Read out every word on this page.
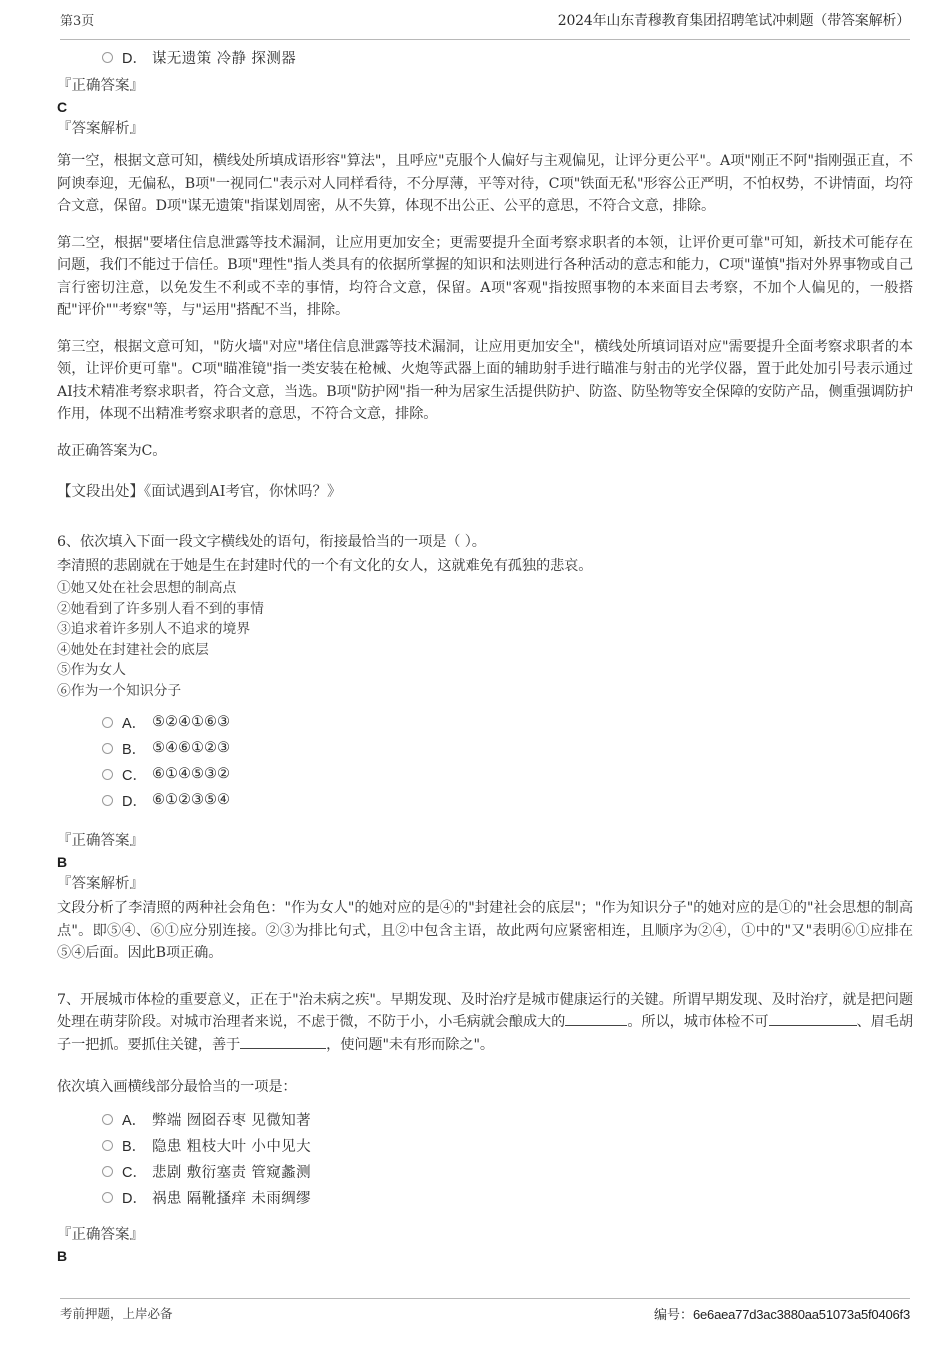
第3页	2024年山东青穆教育集团招聘笔试冲刺题（带答案解析）
D． 谋无遗策 冷静 探测器

『正确答案』

C

『答案解析』

第一空，根据文意可知，横线处所填成语形容"算法"，且呼应"克服个人偏好与主观偏见，让评分更公平"。A项"刚正不阿"指刚强正直，不阿谀奉迎，无偏私，B项"一视同仁"表示对人同样看待，不分厚薄，平等对待，C项"铁面无私"形容公正严明，不怕权势，不讲情面，均符合文意，保留。D项"谋无遗策"指谋划周密，从不失算，体现不出公正、公平的意思，不符合文意，排除。

第二空，根据"要堵住信息泄露等技术漏洞，让应用更加安全；更需要提升全面考察求职者的本领，让评价更可靠"可知，新技术可能存在问题，我们不能过于信任。B项"理性"指人类具有的依据所掌握的知识和法则进行各种活动的意志和能力，C项"谨慎"指对外界事物或自己言行密切注意，以免发生不利或不幸的事情，均符合文意，保留。A项"客观"指按照事物的本来面目去考察，不加个人偏见的，一般搭配"评价""考察"等，与"运用"搭配不当，排除。

第三空，根据文意可知，"防火墙"对应"堵住信息泄露等技术漏洞，让应用更加安全"，横线处所填词语对应"需要提升全面考察求职者的本领，让评价更可靠"。C项"瞄准镜"指一类安装在枪械、火炮等武器上面的辅助射手进行瞄准与射击的光学仪器，置于此处加引号表示通过AI技术精准考察求职者，符合文意，当选。B项"防护网"指一种为居家生活提供防护、防盗、防坠物等安全保障的安防产品，侧重强调防护作用，体现不出精准考察求职者的意思，不符合文意，排除。

故正确答案为C。

【文段出处】《面试遇到AI考官，你怵吗？》

6、依次填入下面一段文字横线处的语句，衔接最恰当的一项是（ ）。

李清照的悲剧就在于她是生在封建时代的一个有文化的女人，这就难免有孤独的悲哀。

①她又处在社会思想的制高点
②她看到了许多别人看不到的事情
③追求着许多别人不追求的境界
④她处在封建社会的底层
⑤作为女人
⑥作为一个知识分子
A． ⑤②④①⑥③
B． ⑤④⑥①②③
C． ⑥①④⑤③②
D． ⑥①②③⑤④

『正确答案』

B

『答案解析』

文段分析了李清照的两种社会角色："作为女人"的她对应的是④的"封建社会的底层"；"作为知识分子"的她对应的是①的"社会思想的制高点"。即⑤④、⑥①应分别连接。②③为排比句式，且②中包含主语，故此两句应紧密相连，且顺序为②④，①中的"又"表明⑥①应排在⑤④后面。因此B项正确。

7、开展城市体检的重要意义，正在于"治未病之疾"。早期发现、及时治疗是城市健康运行的关键。所谓早期发现、及时治疗，就是把问题处理在萌芽阶段。对城市治理者来说，不虑于微，不防于小，小毛病就会酿成大的	。所以，城市体检不可	、眉毛胡子一把抓。要抓住关键，善于	，使问题"未有形而除之"。

依次填入画横线部分最恰当的一项是：

A． 弊端 囫囵吞枣 见微知著
B． 隐患 粗枝大叶 小中见大
C． 悲剧 敷衍塞责 管窥蠡测
D． 祸患 隔靴搔痒 未雨绸缪

『正确答案』

B

考前押题，上岸必备	编号：6e6aea77d3ac3880aa51073a5f0406f3
